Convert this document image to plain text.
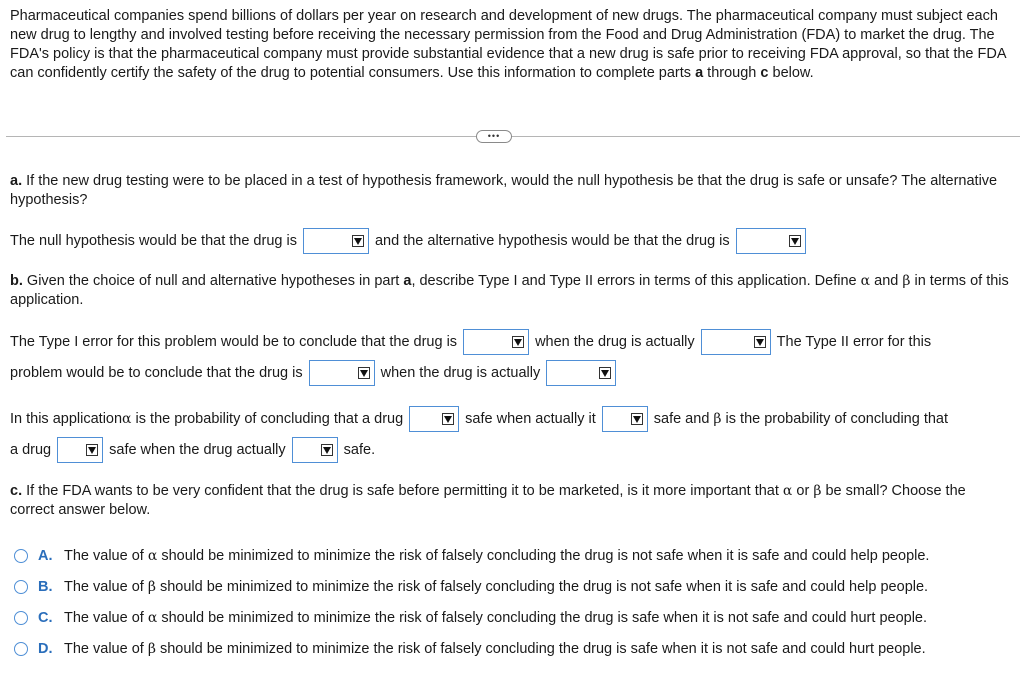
Pharmaceutical companies spend billions of dollars per year on research and development of new drugs. The pharmaceutical company must subject each new drug to lengthy and involved testing before receiving the necessary permission from the Food and Drug Administration (FDA) to market the drug. The FDA's policy is that the pharmaceutical company must provide substantial evidence that a new drug is safe prior to receiving FDA approval, so that the FDA can confidently certify the safety of the drug to potential consumers. Use this information to complete parts a through c below.
•••
a. If the new drug testing were to be placed in a test of hypothesis framework, would the null hypothesis be that the drug is safe or unsafe? The alternative hypothesis?
The null hypothesis would be that the drug is	and the alternative hypothesis would be that the drug is
b. Given the choice of null and alternative hypotheses in part a, describe Type I and Type II errors in terms of this application. Define α and β in terms of this application.
The Type I error for this problem would be to conclude that the drug is	when the drug is actually	The Type II error for this
problem would be to conclude that the drug is	when the drug is actually
In this application α is the probability of concluding that a drug	safe when actually it	safe and β is the probability of concluding that
a drug	safe when the drug actually	safe.
c. If the FDA wants to be very confident that the drug is safe before permitting it to be marketed, is it more important that α or β be small? Choose the correct answer below.
A. The value of α should be minimized to minimize the risk of falsely concluding the drug is not safe when it is safe and could help people.
B. The value of β should be minimized to minimize the risk of falsely concluding the drug is not safe when it is safe and could help people.
C. The value of α should be minimized to minimize the risk of falsely concluding the drug is safe when it is not safe and could hurt people.
D. The value of β should be minimized to minimize the risk of falsely concluding the drug is safe when it is not safe and could hurt people.
